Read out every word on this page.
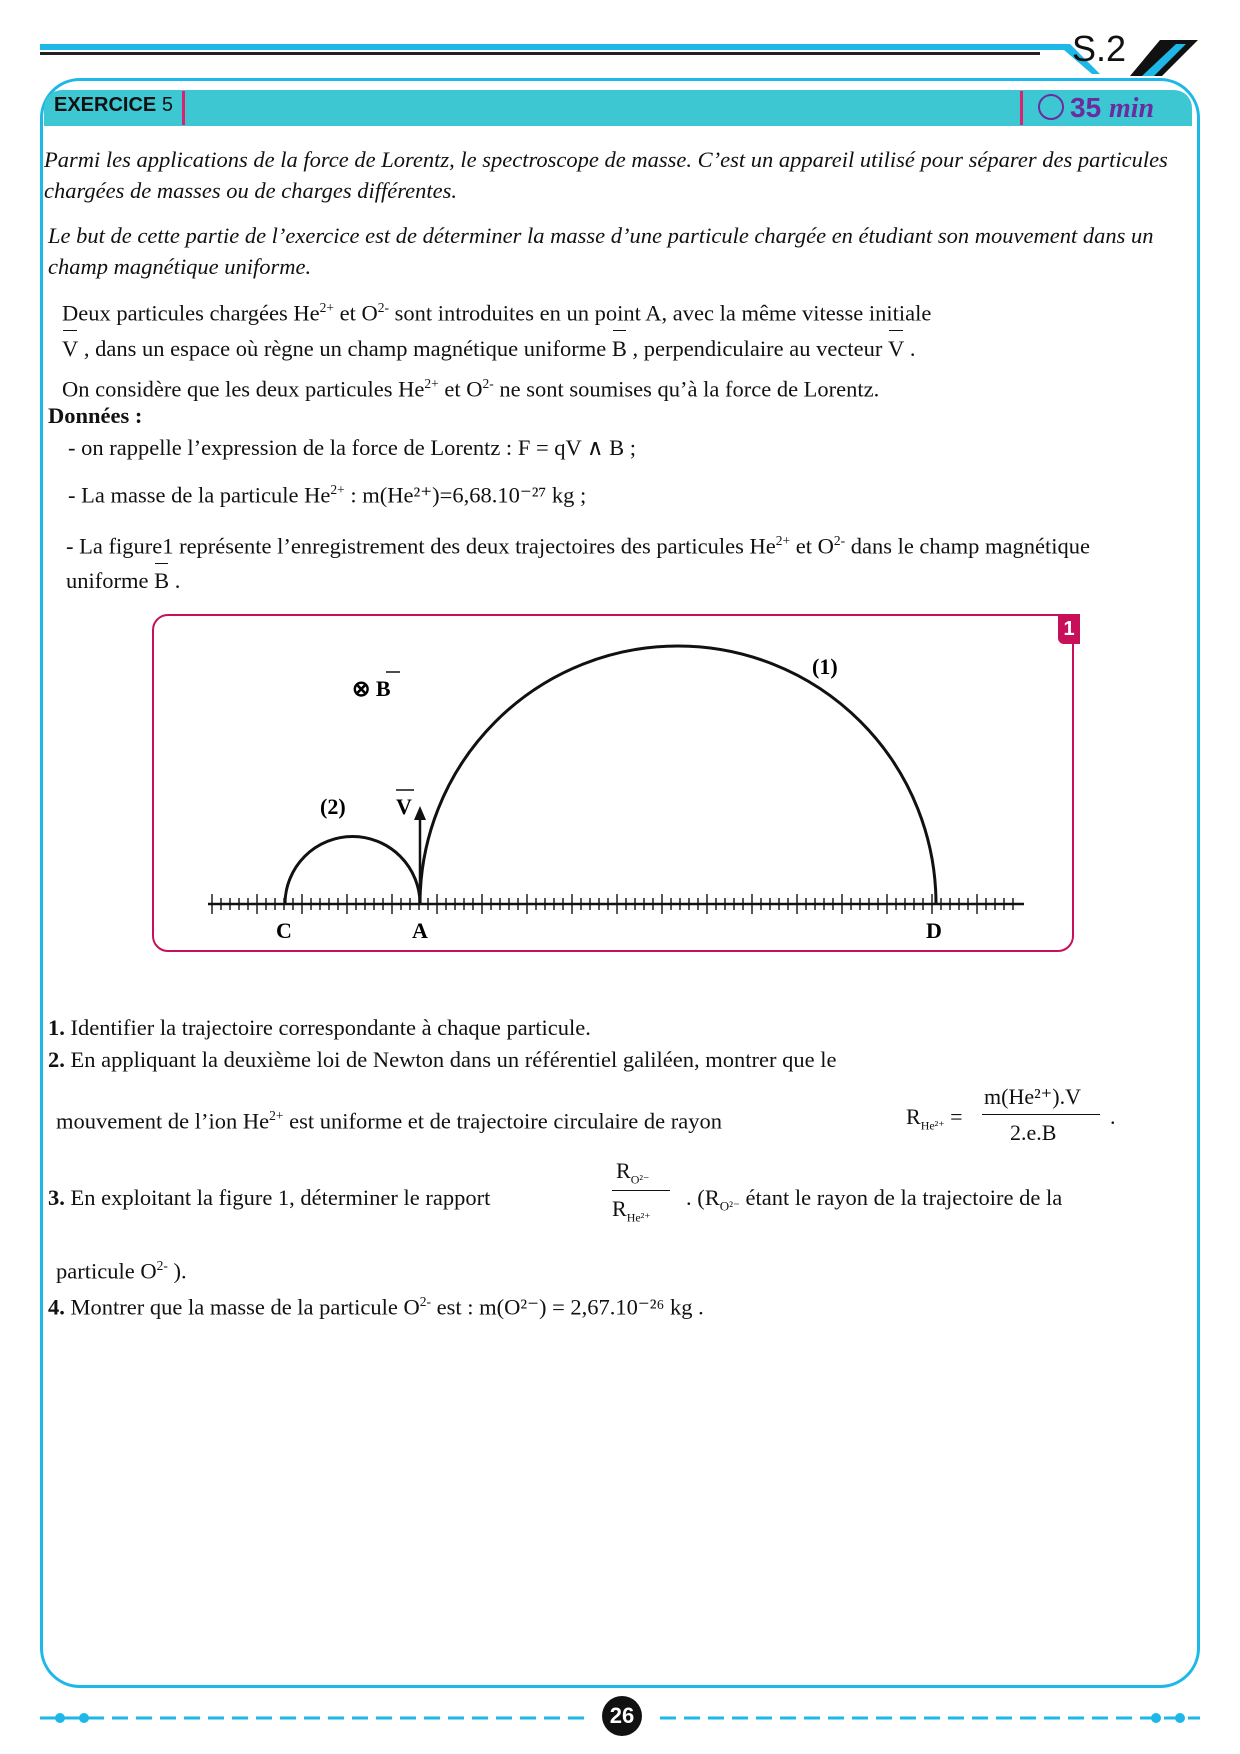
S.2
EXERCICE 5	35 min
Parmi les applications de la force de Lorentz, le spectroscope de masse. C’est un appareil utilisé pour séparer des particules chargées de masses ou de charges différentes.
Le but de cette partie de l’exercice est de déterminer la masse d’une particule chargée en étudiant son mouvement dans un champ magnétique uniforme.
Deux particules chargées $He^{2+}$ et $O^{2-}$ sont introduites en un point A, avec la même vitesse initiale
V , dans un espace où règne un champ magnétique uniforme B , perpendiculaire au vecteur V .
On considère que les deux particules $He^{2+}$ et $O^{2-}$ ne sont soumises qu’à la force de Lorentz.
Données :
- on rappelle l’expression de la force de Lorentz : F = qV ∧ B ;
- La masse de la particule $He^{2+}$ : m(He²⁺)=6,68.10⁻²⁷ kg ;
- La figure1 représente l’enregistrement des deux trajectoires des particules $He^{2+}$ et $O^{2-}$ dans le champ magnétique uniforme B .
1
V
⊗ B
(1)
(2)
C	A	D
1. Identifier la trajectoire correspondante à chaque particule.
2. En appliquant la deuxième loi de Newton dans un référentiel galiléen, montrer que le
mouvement de l’ion $He^{2+}$ est uniforme et de trajectoire circulaire de rayon	$R_{He^{2+}}$ =
m(He²⁺).V
2.e.B
.
3. En exploitant la figure 1, déterminer le rapport
$R_{O^{2-}}$
$R_{He^{2+}}$
. ($R_{O^{2-}}$ étant le rayon de la trajectoire de la
particule $O^{2-}$ ).
4. Montrer que la masse de la particule $O^{2-}$ est : m(O²⁻) = 2,67.10⁻²⁶ kg .
26
